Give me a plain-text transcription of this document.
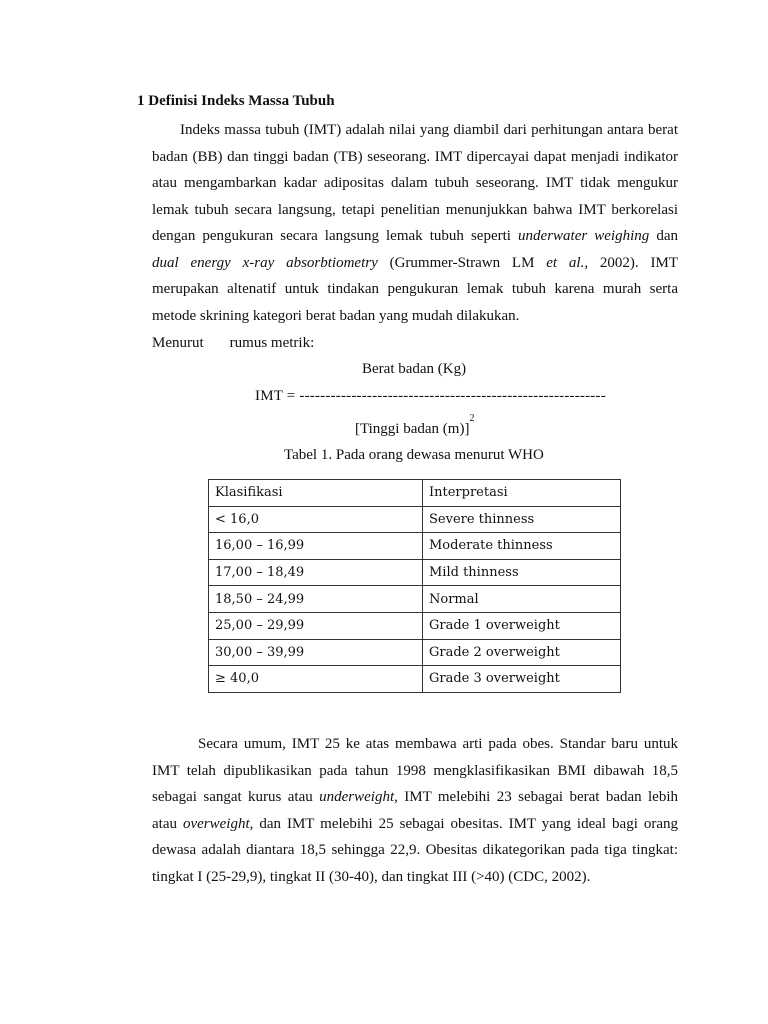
1 Definisi Indeks Massa Tubuh
Indeks massa tubuh (IMT) adalah nilai yang diambil dari perhitungan antara berat
badan (BB) dan tinggi badan (TB) seseorang. IMT dipercayai dapat menjadi indikator
atau mengambarkan kadar adipositas dalam tubuh seseorang. IMT tidak mengukur
lemak tubuh secara langsung, tetapi penelitian menunjukkan bahwa IMT berkorelasi
dengan pengukuran secara langsung lemak tubuh seperti underwater weighing dan
dual energy x-ray absorbtiometry (Grummer-Strawn LM et al., 2002). IMT
merupakan altenatif untuk tindakan pengukuran lemak tubuh karena murah serta
metode skrining kategori berat badan yang mudah dilakukan.
Menurut rumus metrik:
Berat badan (Kg)
IMT = -----------------------------------------------------------
[Tinggi badan (m)]$^2$
Tabel 1. Pada orang dewasa menurut WHO
Klasifikasi	Interpretasi
< 16,0	Severe thinness
16,00 – 16,99	Moderate thinness
17,00 – 18,49	Mild thinness
18,50 – 24,99	Normal
25,00 – 29,99	Grade 1 overweight
30,00 – 39,99	Grade 2 overweight
≥ 40,0	Grade 3 overweight
Secara umum, IMT 25 ke atas membawa arti pada obes. Standar baru untuk
IMT telah dipublikasikan pada tahun 1998 mengklasifikasikan BMI dibawah 18,5
sebagai sangat kurus atau underweight, IMT melebihi 23 sebagai berat badan lebih
atau overweight, dan IMT melebihi 25 sebagai obesitas. IMT yang ideal bagi orang
dewasa adalah diantara 18,5 sehingga 22,9. Obesitas dikategorikan pada tiga tingkat:
tingkat I (25-29,9), tingkat II (30-40), dan tingkat III (>40) (CDC, 2002).
